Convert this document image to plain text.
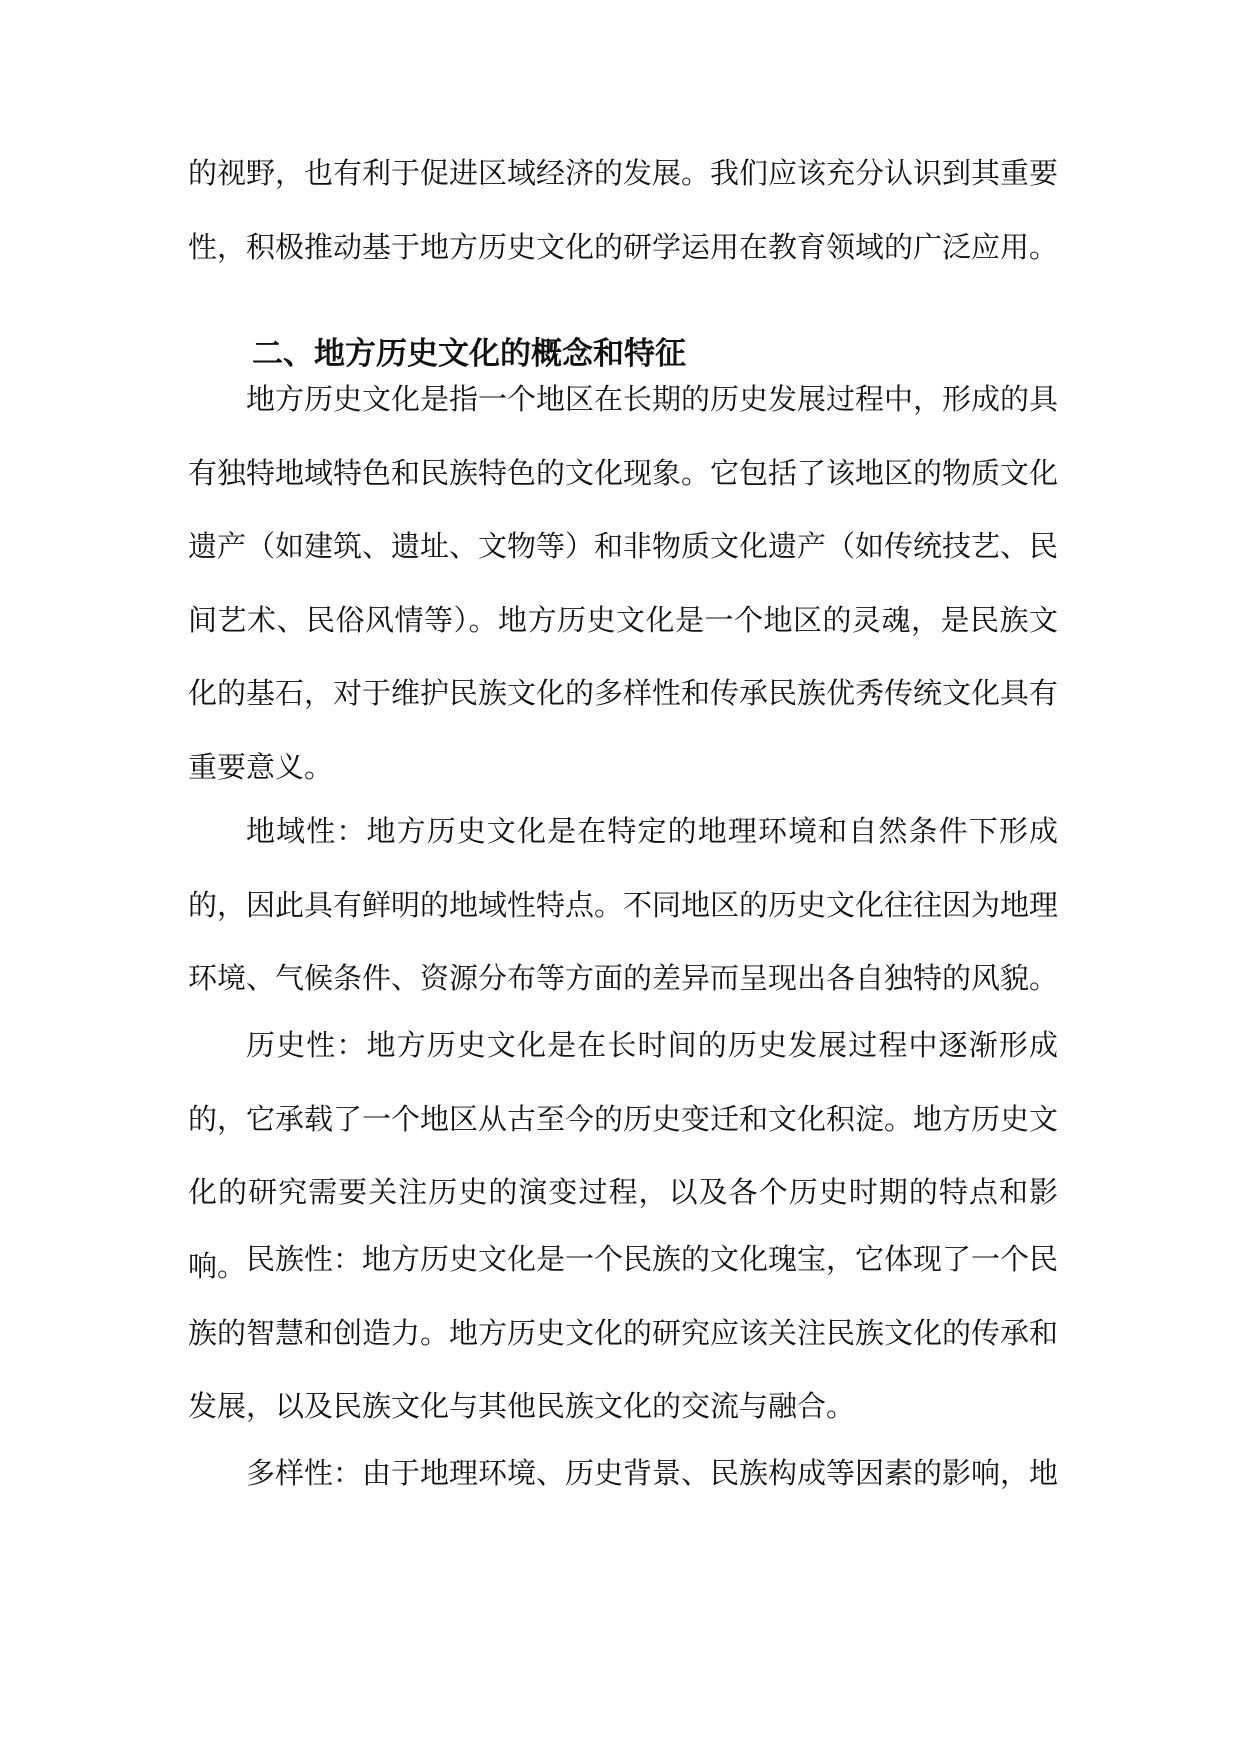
的视野，也有利于促进区域经济的发展。我们应该充分认识到其重要性，积极推动基于地方历史文化的研学运用在教育领域的广泛应用。

二、地方历史文化的概念和特征

地方历史文化是指一个地区在长期的历史发展过程中，形成的具有独特地域特色和民族特色的文化现象。它包括了该地区的物质文化遗产（如建筑、遗址、文物等）和非物质文化遗产（如传统技艺、民间艺术、民俗风情等）。地方历史文化是一个地区的灵魂，是民族文化的基石，对于维护民族文化的多样性和传承民族优秀传统文化具有重要意义。

地域性：地方历史文化是在特定的地理环境和自然条件下形成的，因此具有鲜明的地域性特点。不同地区的历史文化往往因为地理环境、气候条件、资源分布等方面的差异而呈现出各自独特的风貌。

历史性：地方历史文化是在长时间的历史发展过程中逐渐形成的，它承载了一个地区从古至今的历史变迁和文化积淀。地方历史文化的研究需要关注历史的演变过程，以及各个历史时期的特点和影响。 民族性：地方历史文化是一个民族的文化瑰宝，它体现了一个民族的智慧和创造力。地方历史文化的研究应该关注民族文化的传承和发展，以及民族文化与其他民族文化的交流与融合。

多样性：由于地理环境、历史背景、民族构成等因素的影响，地
